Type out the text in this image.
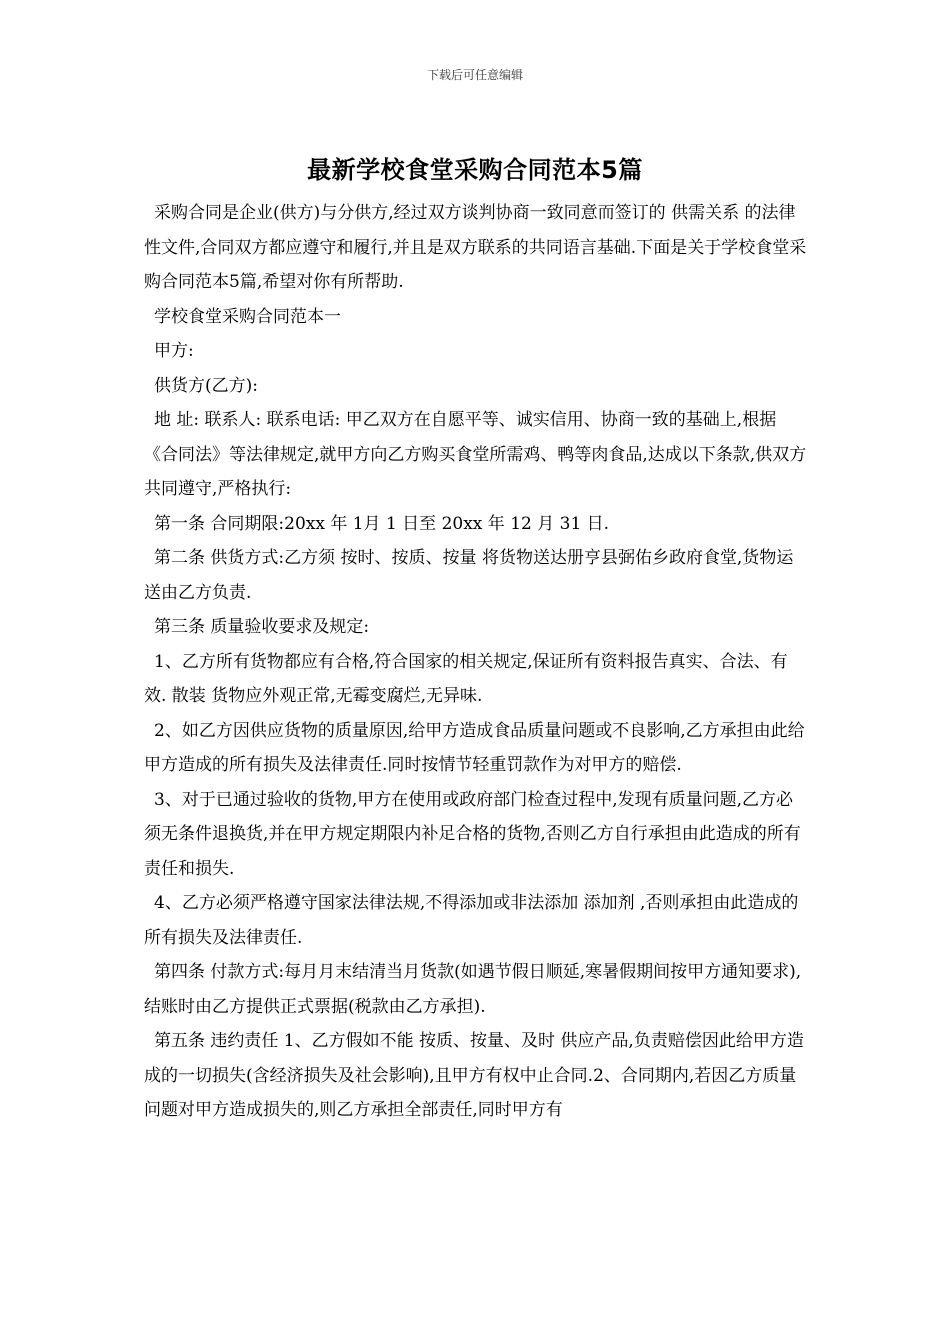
下载后可任意编辑
最新学校食堂采购合同范本5篇

采购合同是企业(供方)与分供方,经过双方谈判协商一致同意而签订的 供需关系 的法律性文件,合同双方都应遵守和履行,并且是双方联系的共同语言基础.下面是关于学校食堂采购合同范本5篇,希望对你有所帮助.

学校食堂采购合同范本一

甲方:

供货方(乙方):

地 址: 联系人: 联系电话: 甲乙双方在自愿平等、诚实信用、协商一致的基础上,根据《合同法》等法律规定,就甲方向乙方购买食堂所需鸡、鸭等肉食品,达成以下条款,供双方共同遵守,严格执行:

第一条 合同期限:20xx 年 1月 1 日至 20xx 年 12 月 31 日.

第二条 供货方式:乙方须 按时、按质、按量 将货物送达册亨县弼佑乡政府食堂,货物运送由乙方负责.

第三条 质量验收要求及规定:

1、乙方所有货物都应有合格,符合国家的相关规定,保证所有资料报告真实、合法、有效. 散装 货物应外观正常,无霉变腐烂,无异味.

2、如乙方因供应货物的质量原因,给甲方造成食品质量问题或不良影响,乙方承担由此给甲方造成的所有损失及法律责任.同时按情节轻重罚款作为对甲方的赔偿.

3、对于已通过验收的货物,甲方在使用或政府部门检查过程中,发现有质量问题,乙方必须无条件退换货,并在甲方规定期限内补足合格的货物,否则乙方自行承担由此造成的所有责任和损失.

4、乙方必须严格遵守国家法律法规,不得添加或非法添加 添加剂 ,否则承担由此造成的所有损失及法律责任.

第四条 付款方式:每月月末结清当月货款(如遇节假日顺延,寒暑假期间按甲方通知要求),结账时由乙方提供正式票据(税款由乙方承担).

第五条 违约责任 1、乙方假如不能 按质、按量、及时 供应产品,负责赔偿因此给甲方造成的一切损失(含经济损失及社会影响),且甲方有权中止合同.2、合同期内,若因乙方质量问题对甲方造成损失的,则乙方承担全部责任,同时甲方有
